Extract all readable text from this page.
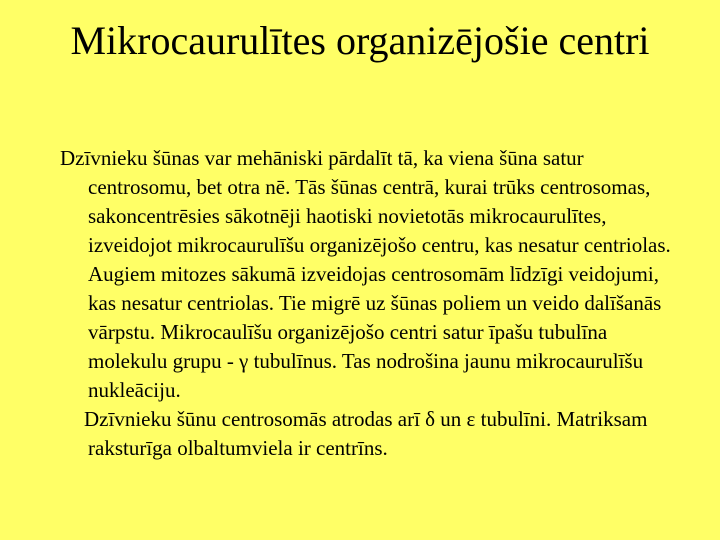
Mikrocaurulītes organizējošie centri

Dzīvnieku šūnas var mehāniski pārdalīt tā, ka viena šūna satur centrosomu, bet otra nē. Tās šūnas centrā, kurai trūks centrosomas, sakoncentrēsies sākotnēji haotiski novietotās mikrocaurulītes, izveidojot mikrocaurulīšu organizējošo centru, kas nesatur centriolas. Augiem mitozes sākumā izveidojas centrosomām līdzīgi veidojumi, kas nesatur centriolas. Tie migrē uz šūnas poliem un veido dalīšanās vārpstu. Mikrocaulīšu organizējošo centri satur īpašu tubulīna molekulu grupu - γ tubulīnus. Tas nodrošina jaunu mikrocaurulīšu nukleāciju.

Dzīvnieku šūnu centrosomās atrodas arī δ un ε tubulīni. Matriksam raksturīga olbaltumviela ir centrīns.
